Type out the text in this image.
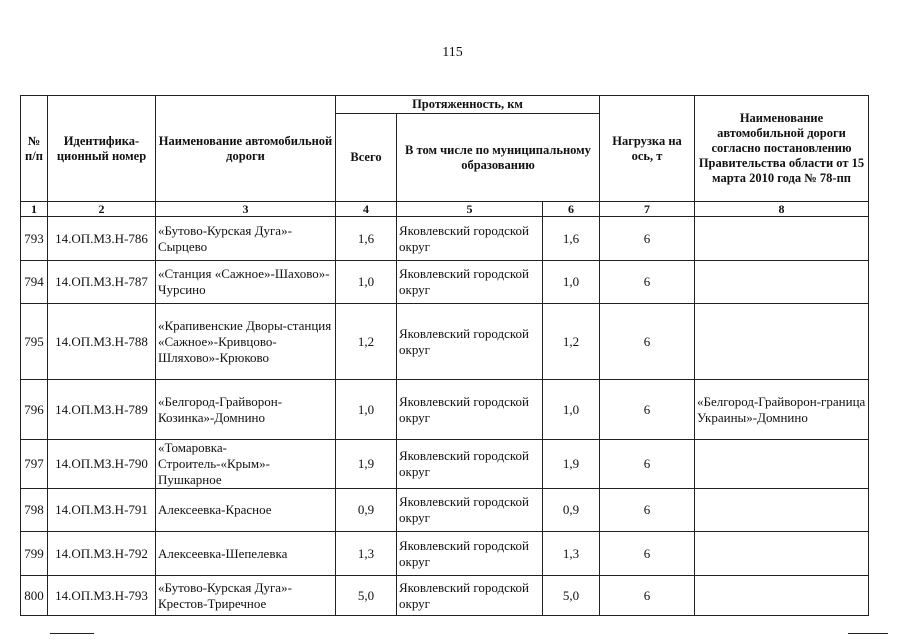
115
№ п/п	Идентифика-ционный номер	Наименование автомобильной дороги	Протяженность, км			Нагрузка на ось, т	Наименование автомобильной дороги согласно постановлению Правительства области от 15 марта 2010 года № 78-пп
			Всего	В том числе по муниципальному образованию			
1	2	3	4	5	6	7	8
793	14.ОП.МЗ.Н-786	«Бутово-Курская Дуга»-Сырцево	1,6	Яковлевский городской округ	1,6	6	
794	14.ОП.МЗ.Н-787	«Станция «Сажное»-Шахово»-Чурсино	1,0	Яковлевский городской округ	1,0	6	
795	14.ОП.МЗ.Н-788	«Крапивенские Дворы-станция «Сажное»-Кривцово-Шляхово»-Крюково	1,2	Яковлевский городской округ	1,2	6	
796	14.ОП.МЗ.Н-789	«Белгород-Грайворон-Козинка»-Домнино	1,0	Яковлевский городской округ	1,0	6	«Белгород-Грайворон-граница Украины»-Домнино
797	14.ОП.МЗ.Н-790	«Томаровка-Строитель-«Крым»-Пушкарное	1,9	Яковлевский городской округ	1,9	6	
798	14.ОП.МЗ.Н-791	Алексеевка-Красное	0,9	Яковлевский городской округ	0,9	6	
799	14.ОП.МЗ.Н-792	Алексеевка-Шепелевка	1,3	Яковлевский городской округ	1,3	6	
800	14.ОП.МЗ.Н-793	«Бутово-Курская Дуга»-Крестов-Триречное	5,0	Яковлевский городской округ	5,0	6	
